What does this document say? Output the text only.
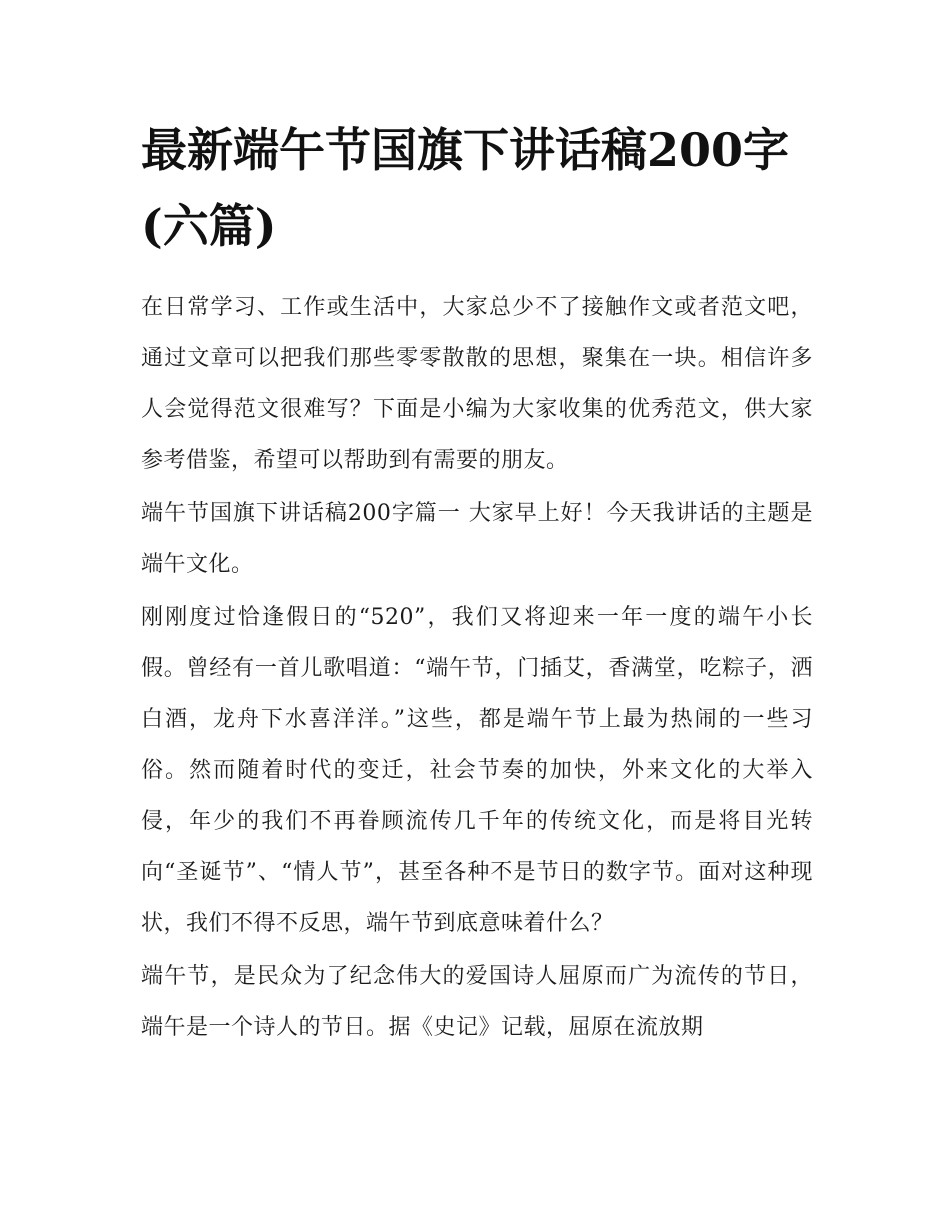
最新端午节国旗下讲话稿200字(六篇)

在日常学习、工作或生活中，大家总少不了接触作文或者范文吧，通过文章可以把我们那些零零散散的思想，聚集在一块。相信许多人会觉得范文很难写？下面是小编为大家收集的优秀范文，供大家参考借鉴，希望可以帮助到有需要的朋友。

端午节国旗下讲话稿200字篇一 大家早上好！今天我讲话的主题是端午文化。

刚刚度过恰逢假日的“520”，我们又将迎来一年一度的端午小长假。曾经有一首儿歌唱道：“端午节，门插艾，香满堂，吃粽子，洒白酒，龙舟下水喜洋洋。”这些，都是端午节上最为热闹的一些习俗。然而随着时代的变迁，社会节奏的加快，外来文化的大举入侵，年少的我们不再眷顾流传几千年的传统文化，而是将目光转向“圣诞节”、“情人节”，甚至各种不是节日的数字节。面对这种现状，我们不得不反思，端午节到底意味着什么？

端午节，是民众为了纪念伟大的爱国诗人屈原而广为流传的节日，端午是一个诗人的节日。据《史记》记载，屈原在流放期
